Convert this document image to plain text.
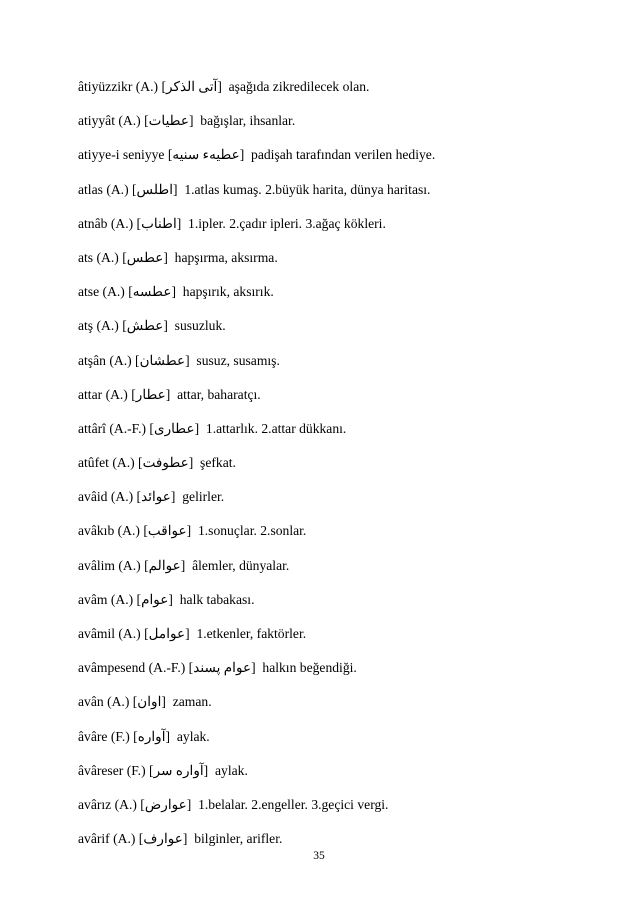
âtiyüzzikr (A.) [آتی الذکر]  aşağıda zikredilecek olan.
atiyyât (A.) [عطیات]  bağışlar, ihsanlar.
atiyye-i seniyye [عطیهء سنیه]  padişah tarafından verilen hediye.
atlas (A.) [اطلس]  1.atlas kumaş. 2.büyük harita, dünya haritası.
atnâb (A.) [اطناب]  1.ipler. 2.çadır ipleri. 3.ağaç kökleri.
ats (A.) [عطس]  hapşırma, aksırma.
atse (A.) [عطسه]  hapşırık, aksırık.
atş (A.) [عطش]  susuzluk.
atşân (A.) [عطشان]  susuz, susamış.
attar (A.) [عطار]  attar, baharatçı.
attârî (A.-F.) [عطاری]  1.attarlık. 2.attar dükkanı.
atûfet (A.) [عطوفت]  şefkat.
avâid (A.) [عوائد]  gelirler.
avâkıb (A.) [عواقب]  1.sonuçlar. 2.sonlar.
avâlim (A.) [عوالم]  âlemler, dünyalar.
avâm (A.) [عوام]  halk tabakası.
avâmil (A.) [عوامل]  1.etkenler, faktörler.
avâmpesend (A.-F.) [عوام پسند]  halkın beğendiği.
avân (A.) [اوان]  zaman.
âvâre (F.) [آواره]  aylak.
âvâreser (F.) [آواره سر]  aylak.
avârız (A.) [عوارض]  1.belalar. 2.engeller. 3.geçici vergi.
avârif (A.) [عوارف]  bilginler, arifler.
35
